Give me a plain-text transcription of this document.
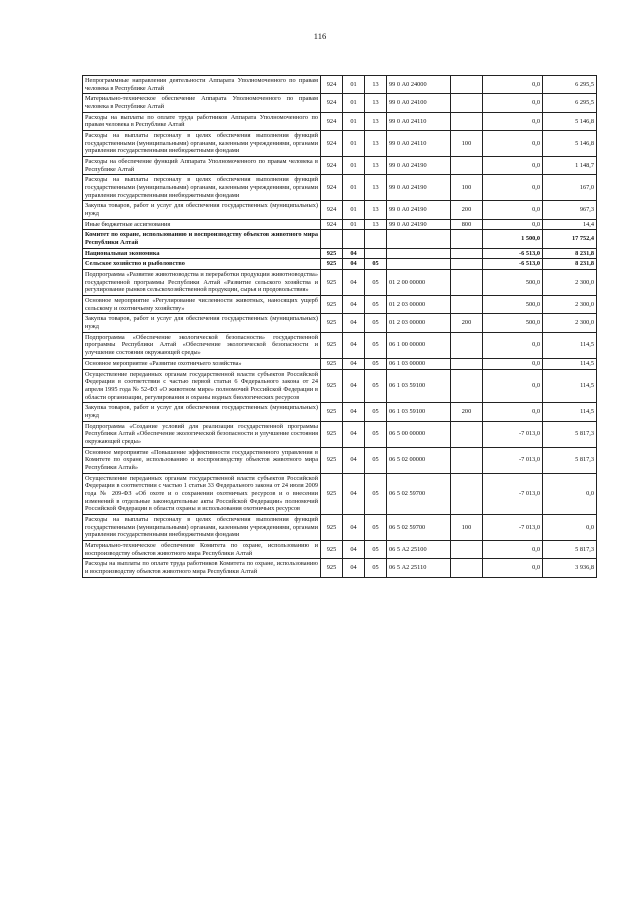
116
Непрограммные направления деятельности Аппарата Уполномоченного по правам человека в Республике Алтай	924	01	13	99 0 А0 24000		0,0	6 295,5
Материально-техническое обеспечение Аппарата Уполномоченного по правам человека в Республике Алтай	924	01	13	99 0 А0 24100		0,0	6 295,5
Расходы на выплаты по оплате труда работников Аппарата Уполномоченного по правам человека в Республике Алтай	924	01	13	99 0 А0 24110		0,0	5 146,8
Расходы на выплаты персоналу в целях обеспечения выполнения функций государственными (муниципальными) органами, казенными учреждениями, органами управления государственными внебюджетными фондами	924	01	13	99 0 А0 24110	100	0,0	5 146,8
Расходы на обеспечение функций Аппарата Уполномоченного по правам человека в Республике Алтай	924	01	13	99 0 А0 24190		0,0	1 148,7
Расходы на выплаты персоналу в целях обеспечения выполнения функций государственными (муниципальными) органами, казенными учреждениями, органами управления государственными внебюджетными фондами	924	01	13	99 0 А0 24190	100	0,0	167,0
Закупка товаров, работ и услуг для обеспечения государственных (муниципальных) нужд	924	01	13	99 0 А0 24190	200	0,0	967,3
Иные бюджетные ассигнования	924	01	13	99 0 А0 24190	800	0,0	14,4
Комитет по охране, использованию и воспроизводству объектов животного мира Республики Алтай						1 500,0	17 752,4
Национальная экономика	925	04				-6 513,0	8 231,8
Сельское хозяйство и рыболовство	925	04	05			-6 513,0	8 231,8
Подпрограмма «Развитие животноводства и переработки продукции животноводства» государственной программы Республики Алтай «Развитие сельского хозяйства и регулирование рынков сельскохозяйственной продукции, сырья и продовольствия»	925	04	05	01 2 00 00000		500,0	2 300,0
Основное мероприятие «Регулирование численности животных, наносящих ущерб сельскому и охотничьему хозяйству»	925	04	05	01 2 03 00000		500,0	2 300,0
Закупка товаров, работ и услуг для обеспечения государственных (муниципальных) нужд	925	04	05	01 2 03 00000	200	500,0	2 300,0
Подпрограмма «Обеспечение экологической безопасности» государственной программы Республики Алтай «Обеспечение экологической безопасности и улучшение состояния окружающей среды»	925	04	05	06 1 00 00000		0,0	114,5
Основное мероприятие «Развитие охотничьего хозяйства»	925	04	05	06 1 03 00000		0,0	114,5
Осуществление переданных органам государственной власти субъектов Российской Федерации в соответствии с частью первой статьи 6 Федерального закона от 24 апреля 1995 года № 52-ФЗ «О животном мире» полномочий Российской Федерации в области организации, регулирования и охраны водных биологических ресурсов	925	04	05	06 1 03 59100		0,0	114,5
Закупка товаров, работ и услуг для обеспечения государственных (муниципальных) нужд	925	04	05	06 1 03 59100	200	0,0	114,5
Подпрограмма «Создание условий для реализации государственной программы Республики Алтай «Обеспечение экологической безопасности и улучшение состояния окружающей среды»	925	04	05	06 5 00 00000		-7 013,0	5 817,3
Основное мероприятие «Повышение эффективности государственного управления в Комитете по охране, использованию и воспроизводству объектов животного мира Республики Алтай»	925	04	05	06 5 02 00000		-7 013,0	5 817,3
Осуществление переданных органам государственной власти субъектов Российской Федерации в соответствии с частью 1 статьи 33 Федерального закона от 24 июля 2009 года № 209-ФЗ «Об охоте и о сохранении охотничьих ресурсов и о внесении изменений в отдельные законодательные акты Российской Федерации» полномочий Российской Федерации в области охраны и использования охотничьих ресурсов	925	04	05	06 5 02 59700		-7 013,0	0,0
Расходы на выплаты персоналу в целях обеспечения выполнения функций государственными (муниципальными) органами, казенными учреждениями, органами управления государственными внебюджетными фондами	925	04	05	06 5 02 59700	100	-7 013,0	0,0
Материально-техническое обеспечение Комитета по охране, использованию и воспроизводству объектов животного мира Республики Алтай	925	04	05	06 5 А2 25100		0,0	5 817,3
Расходы на выплаты по оплате труда работников Комитета по охране, использованию и воспроизводству объектов животного мира Республики Алтай	925	04	05	06 5 А2 25110		0,0	3 936,8
